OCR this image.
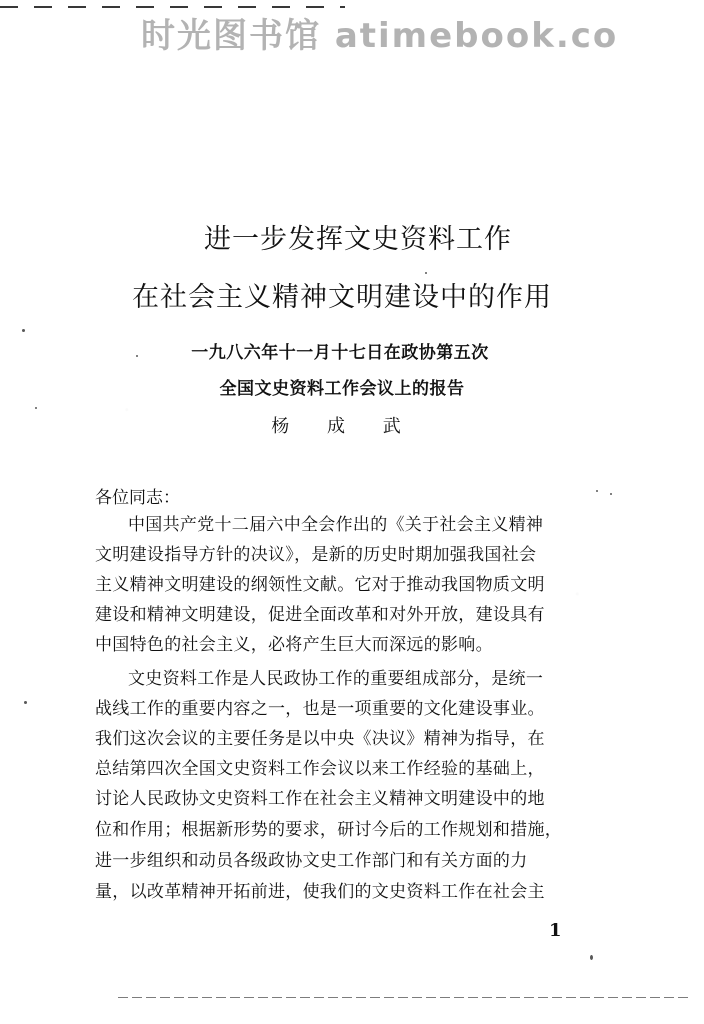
时光图书馆 atimebook.co
进一步发挥文史资料工作
在社会主义精神文明建设中的作用
一九八六年十一月十七日在政协第五次
全国文史资料工作会议上的报告
杨 成 武
各位同志：
中国共产党十二届六中全会作出的《关于社会主义精神
文明建设指导方针的决议》，是新的历史时期加强我国社会
主义精神文明建设的纲领性文献。它对于推动我国物质文明
建设和精神文明建设，促进全面改革和对外开放，建设具有
中国特色的社会主义，必将产生巨大而深远的影响。
文史资料工作是人民政协工作的重要组成部分，是统一
战线工作的重要内容之一，也是一项重要的文化建设事业。
我们这次会议的主要任务是以中央《决议》精神为指导，在
总结第四次全国文史资料工作会议以来工作经验的基础上，
讨论人民政协文史资料工作在社会主义精神文明建设中的地
位和作用；根据新形势的要求，研讨今后的工作规划和措施，
进一步组织和动员各级政协文史工作部门和有关方面的力
量，以改革精神开拓前进，使我们的文史资料工作在社会主
1
